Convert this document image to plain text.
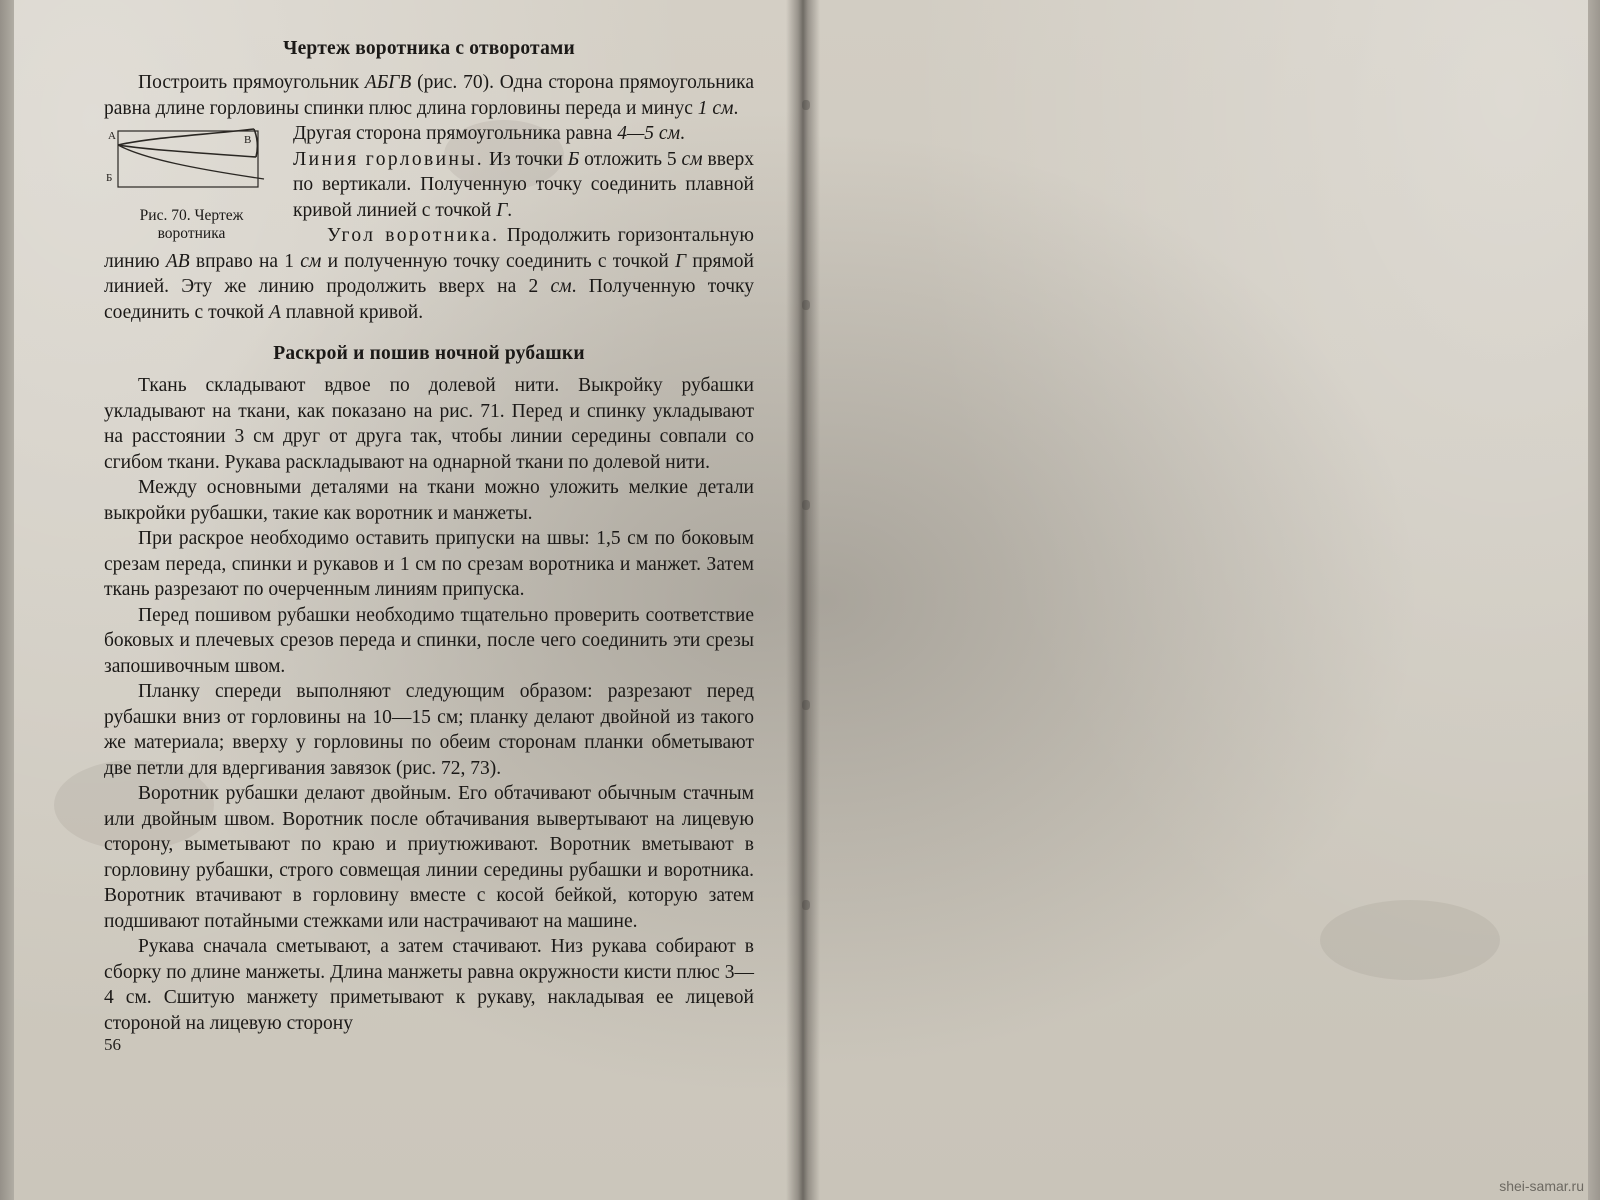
Чертеж воротника с отворотами

Построить прямоугольник АБГВ (рис. 70). Одна сторона прямоугольника равна длине горловины спинки плюс длина горловины переда и минус 1 см.

А	В
Б
Рис. 70. Чертеж воротника

Другая сторона прямоугольника равна 4—5 см.

Линия горловины. Из точки Б отложить 5 см вверх по вертикали. Полученную точку соединить плавной кривой линией с точкой Г.

Угол воротника. Продолжить горизонтальную линию АВ вправо на 1 см и полученную точку соединить с точкой Г прямой линией. Эту же линию продолжить вверх на 2 см. Полученную точку соединить с точкой А плавной кривой.

Раскрой и пошив ночной рубашки

Ткань складывают вдвое по долевой нити. Выкройку рубашки укладывают на ткани, как показано на рис. 71. Перед и спинку укладывают на расстоянии 3 см друг от друга так, чтобы линии середины совпали со сгибом ткани. Рукава раскладывают на однарной ткани по долевой нити.

Между основными деталями на ткани можно уложить мелкие детали выкройки рубашки, такие как воротник и манжеты.

При раскрое необходимо оставить припуски на швы: 1,5 см по боковым срезам переда, спинки и рукавов и 1 см по срезам воротника и манжет. Затем ткань разрезают по очерченным линиям припуска.

Перед пошивом рубашки необходимо тщательно проверить соответствие боковых и плечевых срезов переда и спинки, после чего соединить эти срезы запошивочным швом.

Планку спереди выполняют следующим образом: разрезают перед рубашки вниз от горловины на 10—15 см; планку делают двойной из такого же материала; вверху у горловины по обеим сторонам планки обметывают две петли для вдергивания завязок (рис. 72, 73).

Воротник рубашки делают двойным. Его обтачивают обычным стачным или двойным швом. Воротник после обтачивания вывертывают на лицевую сторону, выметывают по краю и приутюживают. Воротник вметывают в горловину рубашки, строго совмещая линии середины рубашки и воротника. Воротник втачивают в горловину вместе с косой бейкой, которую затем подшивают потайными стежками или настрачивают на машине.

Рукава сначала сметывают, а затем стачивают. Низ рукава собирают в сборку по длине манжеты. Длина манжеты равна окружности кисти плюс 3—4 см. Сшитую манжету приметывают к рукаву, накладывая ее лицевой стороной на лицевую сторону

56

shei-samar.ru
